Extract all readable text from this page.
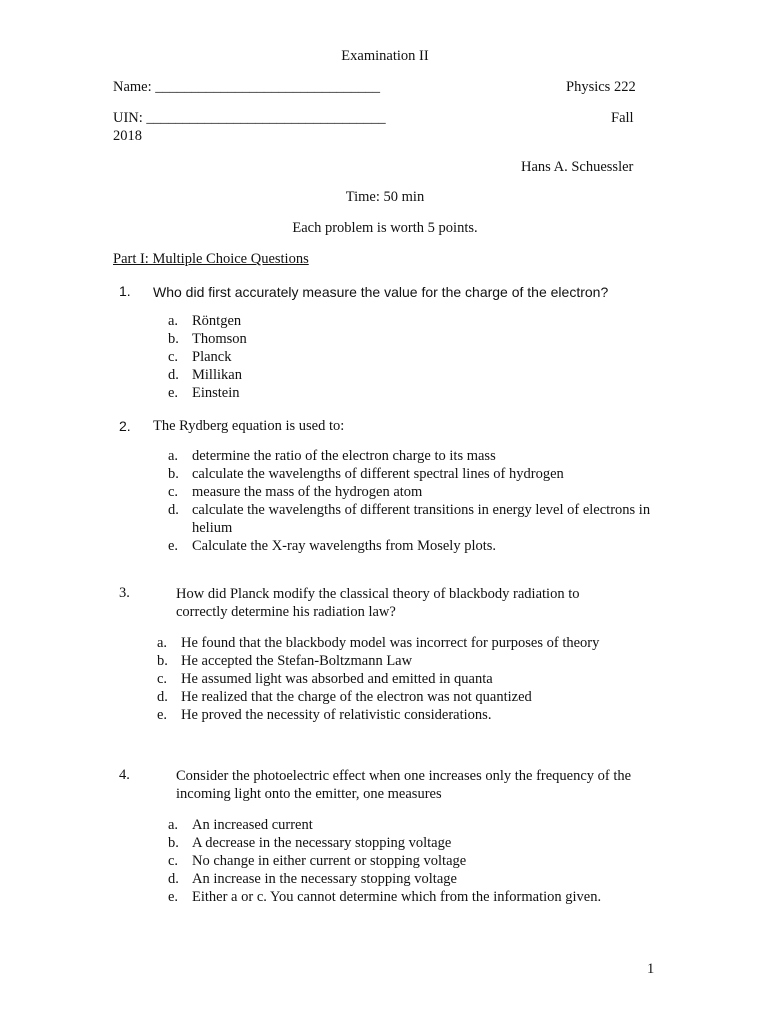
Examination II
Name: _______________________________	Physics 222
UIN: _________________________________	Fall
2018
Hans A. Schuessler
Time: 50 min
Each problem is worth 5 points.
Part I: Multiple Choice Questions
1. Who did first accurately measure the value for the charge of the electron?
a. Röntgen
b. Thomson
c. Planck
d. Millikan
e. Einstein
2. The Rydberg equation is used to:
a. determine the ratio of the electron charge to its mass
b. calculate the wavelengths of different spectral lines of hydrogen
c. measure the mass of the hydrogen atom
d. calculate the wavelengths of different transitions in energy level of electrons in helium
e. Calculate the X-ray wavelengths from Mosely plots.
3.	How did Planck modify the classical theory of blackbody radiation to correctly determine his radiation law?
a. He found that the blackbody model was incorrect for purposes of theory
b. He accepted the Stefan-Boltzmann Law
c. He assumed light was absorbed and emitted in quanta
d. He realized that the charge of the electron was not quantized
e. He proved the necessity of relativistic considerations.
4.	Consider the photoelectric effect when one increases only the frequency of the incoming light onto the emitter, one measures
a. An increased current
b. A decrease in the necessary stopping voltage
c. No change in either current or stopping voltage
d. An increase in the necessary stopping voltage
e. Either a or c. You cannot determine which from the information given.
1
